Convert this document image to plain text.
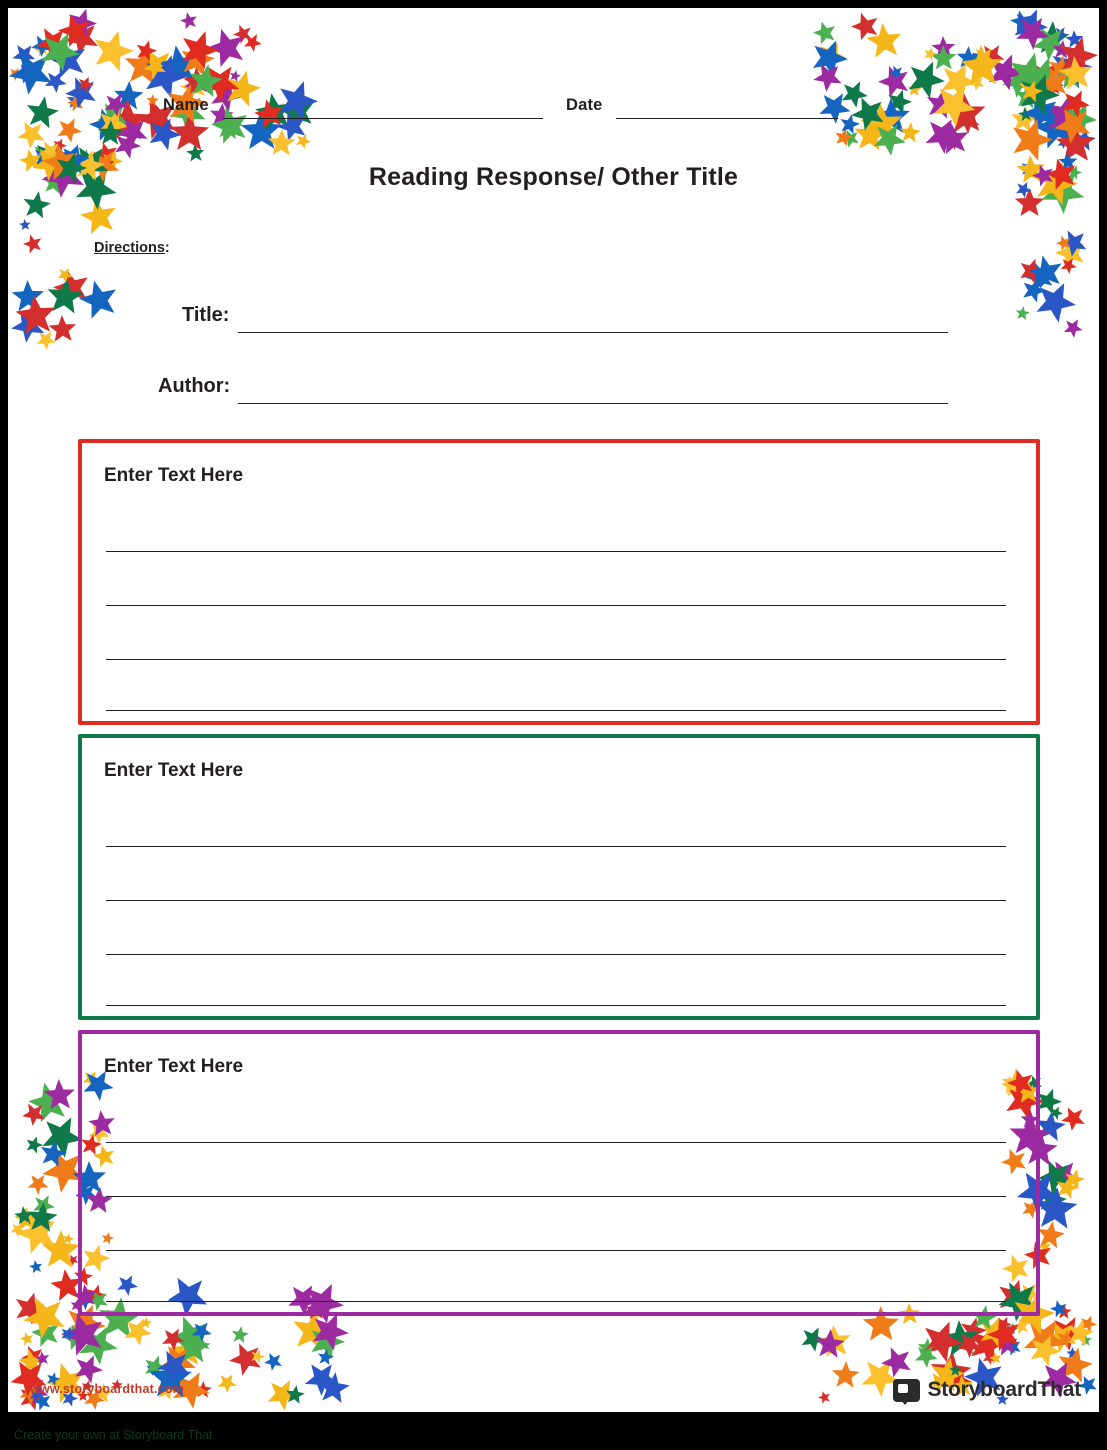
Name	Date
Reading Response/ Other Title
Directions:
Title:
Author:
Enter Text Here
Enter Text Here
Enter Text Here
www.storyboardthat.com	StoryboardThat
Create your own at Storyboard That
